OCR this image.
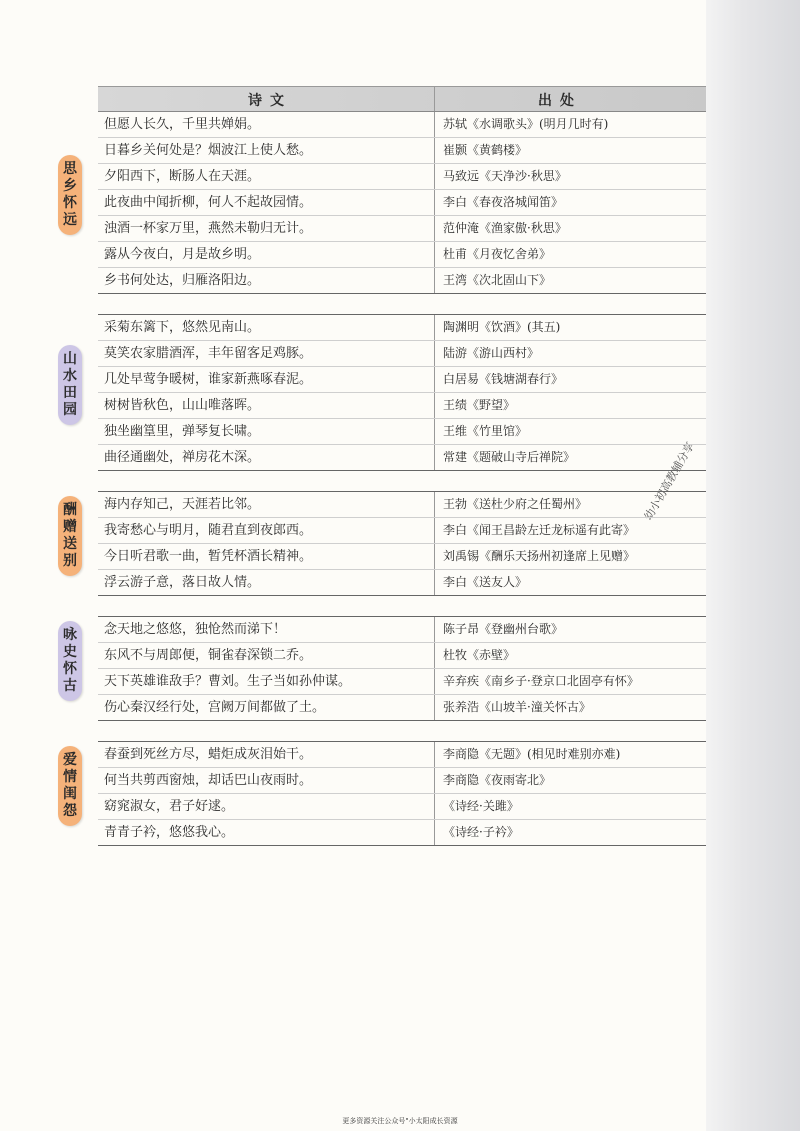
幼小初高教辅分享
诗文	出处
思
乡
怀
远
但愿人长久，千里共婵娟。	苏轼《水调歌头》(明月几时有)
日暮乡关何处是？烟波江上使人愁。	崔颢《黄鹤楼》
夕阳西下，断肠人在天涯。	马致远《天净沙·秋思》
此夜曲中闻折柳，何人不起故园情。	李白《春夜洛城闻笛》
浊酒一杯家万里，燕然未勒归无计。	范仲淹《渔家傲·秋思》
露从今夜白，月是故乡明。	杜甫《月夜忆舍弟》
乡书何处达，归雁洛阳边。	王湾《次北固山下》
山
水
田
园
采菊东篱下，悠然见南山。	陶渊明《饮酒》(其五)
莫笑农家腊酒浑，丰年留客足鸡豚。	陆游《游山西村》
几处早莺争暖树，谁家新燕啄春泥。	白居易《钱塘湖春行》
树树皆秋色，山山唯落晖。	王绩《野望》
独坐幽篁里，弹琴复长啸。	王维《竹里馆》
曲径通幽处，禅房花木深。	常建《题破山寺后禅院》
酬
赠
送
别
海内存知己，天涯若比邻。	王勃《送杜少府之任蜀州》
我寄愁心与明月，随君直到夜郎西。	李白《闻王昌龄左迁龙标遥有此寄》
今日听君歌一曲，暂凭杯酒长精神。	刘禹锡《酬乐天扬州初逢席上见赠》
浮云游子意，落日故人情。	李白《送友人》
咏
史
怀
古
念天地之悠悠，独怆然而涕下！	陈子昂《登幽州台歌》
东风不与周郎便，铜雀春深锁二乔。	杜牧《赤壁》
天下英雄谁敌手？曹刘。生子当如孙仲谋。	辛弃疾《南乡子·登京口北固亭有怀》
伤心秦汉经行处，宫阙万间都做了土。	张养浩《山坡羊·潼关怀古》
爱
情
闺
怨
春蚕到死丝方尽，蜡炬成灰泪始干。	李商隐《无题》(相见时难别亦难)
何当共剪西窗烛，却话巴山夜雨时。	李商隐《夜雨寄北》
窈窕淑女，君子好逑。	《诗经·关雎》
青青子衿，悠悠我心。	《诗经·子衿》
更多资源关注公众号"小太阳成长资源
